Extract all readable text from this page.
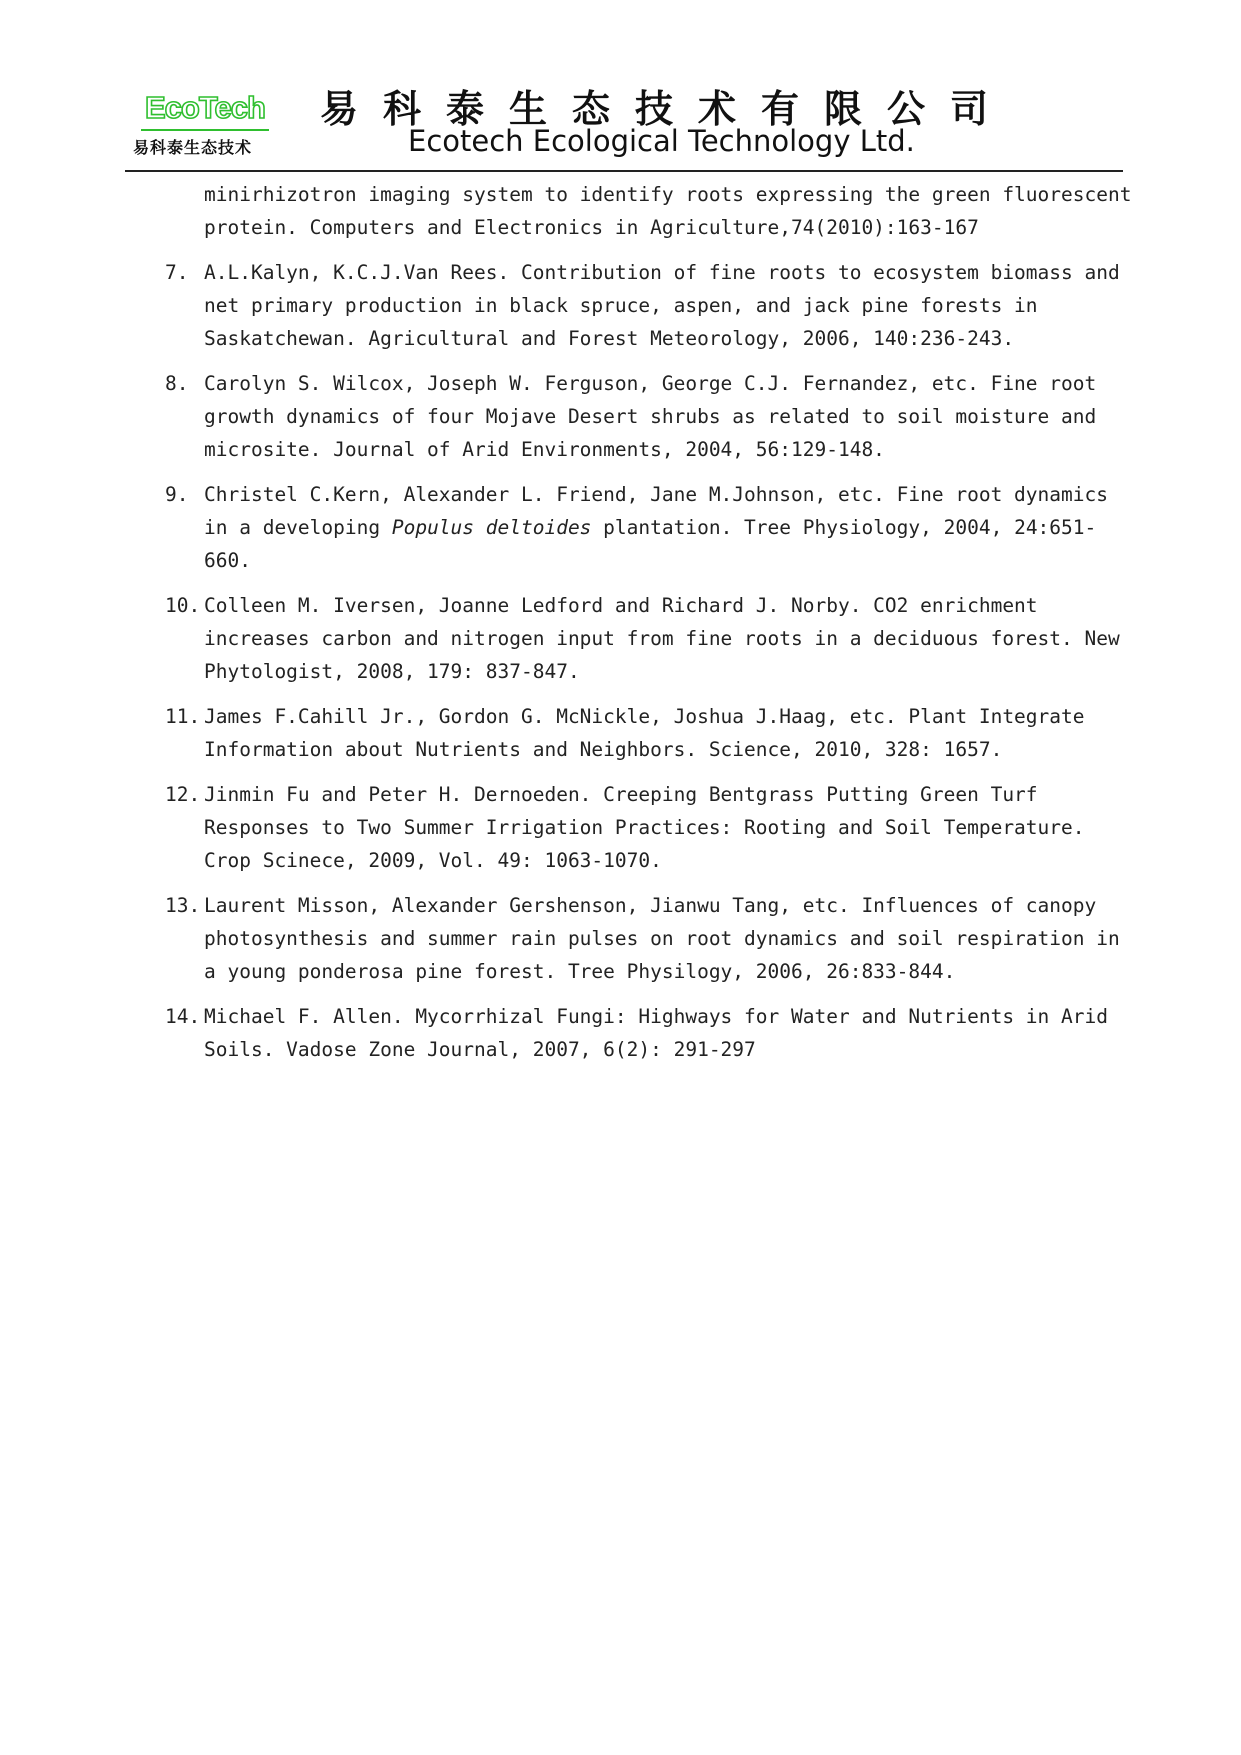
EcoTech
易科泰生态技术
易科泰生态技术有限公司
Ecotech Ecological Technology Ltd.
minirhizotron imaging system to identify roots expressing the green fluorescent protein. Computers and Electronics in Agriculture,74(2010):163-167
7. A.L.Kalyn, K.C.J.Van Rees. Contribution of fine roots to ecosystem biomass and net primary production in black spruce, aspen, and jack pine forests in Saskatchewan. Agricultural and Forest Meteorology, 2006, 140:236-243.
8. Carolyn S. Wilcox, Joseph W. Ferguson, George C.J. Fernandez, etc. Fine root growth dynamics of four Mojave Desert shrubs as related to soil moisture and microsite. Journal of Arid Environments, 2004, 56:129-148.
9. Christel C.Kern, Alexander L. Friend, Jane M.Johnson, etc. Fine root dynamics in a developing Populus deltoides plantation. Tree Physiology, 2004, 24:651-660.
10. Colleen M. Iversen, Joanne Ledford and Richard J. Norby. CO2 enrichment increases carbon and nitrogen input from fine roots in a deciduous forest. New Phytologist, 2008, 179: 837-847.
11. James F.Cahill Jr., Gordon G. McNickle, Joshua J.Haag, etc. Plant Integrate Information about Nutrients and Neighbors. Science, 2010, 328: 1657.
12. Jinmin Fu and Peter H. Dernoeden. Creeping Bentgrass Putting Green Turf Responses to Two Summer Irrigation Practices: Rooting and Soil Temperature. Crop Scinece, 2009, Vol. 49: 1063-1070.
13. Laurent Misson, Alexander Gershenson, Jianwu Tang, etc. Influences of canopy photosynthesis and summer rain pulses on root dynamics and soil respiration in a young ponderosa pine forest. Tree Physilogy, 2006, 26:833-844.
14. Michael F. Allen. Mycorrhizal Fungi: Highways for Water and Nutrients in Arid Soils. Vadose Zone Journal, 2007, 6(2): 291-297
